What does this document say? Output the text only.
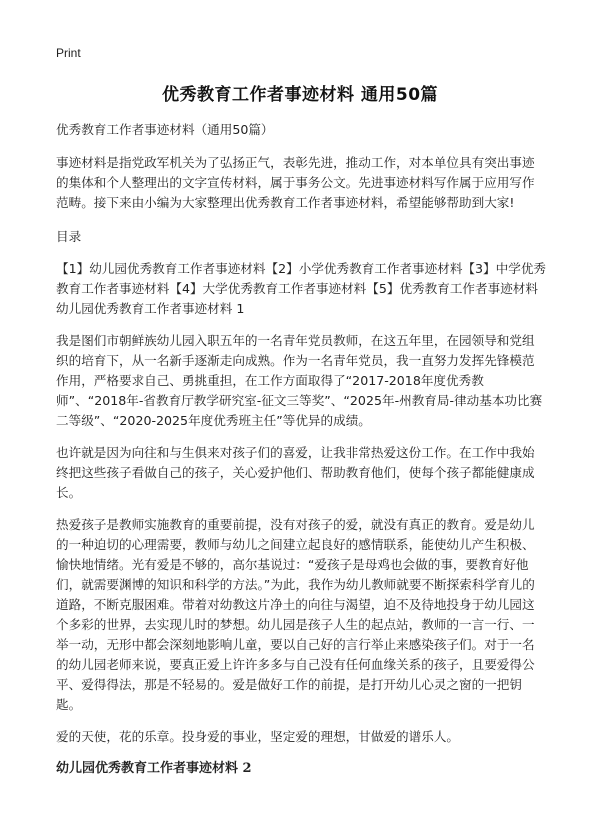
Print
优秀教育工作者事迹材料 通用50篇

优秀教育工作者事迹材料（通用50篇）

事迹材料是指党政军机关为了弘扬正气，表彰先进，推动工作，对本单位具有突出事迹的集体和个人整理出的文字宣传材料，属于事务公文。先进事迹材料写作属于应用写作范畴。接下来由小编为大家整理出优秀教育工作者事迹材料，希望能够帮助到大家!

目录

【1】幼儿园优秀教育工作者事迹材料【2】小学优秀教育工作者事迹材料【3】中学优秀教育工作者事迹材料【4】大学优秀教育工作者事迹材料【5】优秀教育工作者事迹材料幼儿园优秀教育工作者事迹材料 1

我是图们市朝鲜族幼儿园入职五年的一名青年党员教师，在这五年里，在园领导和党组织的培育下，从一名新手逐渐走向成熟。作为一名青年党员，我一直努力发挥先锋模范作用，严格要求自己、勇挑重担，在工作方面取得了“2017-2018年度优秀教师”、“2018年-省教育厅教学研究室-征文三等奖”、“2025年-州教育局-律动基本功比赛二等级”、“2020-2025年度优秀班主任”等优异的成绩。

也许就是因为向往和与生俱来对孩子们的喜爱，让我非常热爱这份工作。在工作中我始终把这些孩子看做自己的孩子，关心爱护他们、帮助教育他们，使每个孩子都能健康成长。

热爱孩子是教师实施教育的重要前提，没有对孩子的爱，就没有真正的教育。爱是幼儿的一种迫切的心理需要，教师与幼儿之间建立起良好的感情联系，能使幼儿产生积极、愉快地情绪。光有爱是不够的，高尔基说过：“爱孩子是母鸡也会做的事，要教育好他们，就需要渊博的知识和科学的方法。”为此，我作为幼儿教师就要不断探索科学育儿的道路，不断克服困难。带着对幼教这片净土的向往与渴望，迫不及待地投身于幼儿园这个多彩的世界，去实现儿时的梦想。幼儿园是孩子人生的起点站，教师的一言一行、一举一动，无形中都会深刻地影响儿童，要以自己好的言行举止来感染孩子们。对于一名的幼儿园老师来说，要真正爱上许许多多与自己没有任何血缘关系的孩子，且要爱得公平、爱得得法，那是不轻易的。爱是做好工作的前提，是打开幼儿心灵之窗的一把钥匙。

爱的天使，花的乐章。投身爱的事业，坚定爱的理想，甘做爱的谱乐人。

幼儿园优秀教育工作者事迹材料 2
